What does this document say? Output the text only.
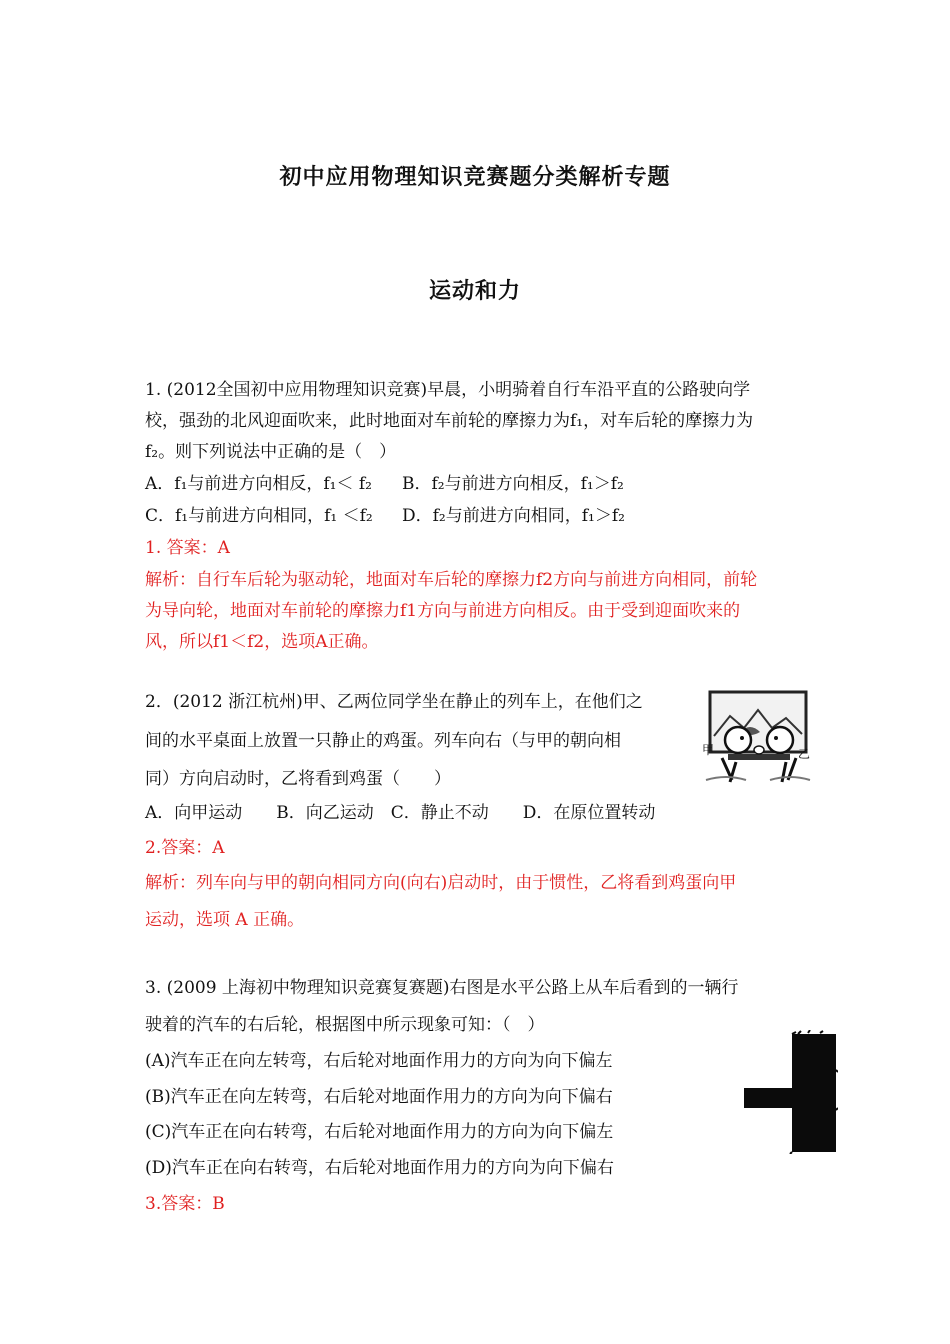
初中应用物理知识竞赛题分类解析专题
运动和力
1. (2012全国初中应用物理知识竞赛)早晨，小明骑着自行车沿平直的公路驶向学
校，强劲的北风迎面吹来，此时地面对车前轮的摩擦力为f₁，对车后轮的摩擦力为
f₂。则下列说法中正确的是（　）
A．f₁与前进方向相反，f₁＜ f₂ B．f₂与前进方向相反，f₁＞f₂
C．f₁与前进方向相同，f₁ ＜f₂ D．f₂与前进方向相同，f₁＞f₂
1. 答案：A
解析：自行车后轮为驱动轮，地面对车后轮的摩擦力f2方向与前进方向相同，前轮
为导向轮，地面对车前轮的摩擦力f1方向与前进方向相反。由于受到迎面吹来的
风，所以f1＜f2，选项A正确。
2．(2012 浙江杭州)甲、乙两位同学坐在静止的列车上，在他们之
间的水平桌面上放置一只静止的鸡蛋。列车向右（与甲的朝向相
同）方向启动时，乙将看到鸡蛋（　　）
A．向甲运动　　B．向乙运动　C．静止不动　　D．在原位置转动
2.答案：A
解析：列车向与甲的朝向相同方向(向右)启动时，由于惯性，乙将看到鸡蛋向甲
运动，选项 A 正确。
甲	乙
3. (2009 上海初中物理知识竞赛复赛题)右图是水平公路上从车后看到的一辆行
驶着的汽车的右后轮，根据图中所示现象可知：（　）
(A)汽车正在向左转弯，右后轮对地面作用力的方向为向下偏左
(B)汽车正在向左转弯，右后轮对地面作用力的方向为向下偏右
(C)汽车正在向右转弯，右后轮对地面作用力的方向为向下偏左
(D)汽车正在向右转弯，右后轮对地面作用力的方向为向下偏右
3.答案：B
